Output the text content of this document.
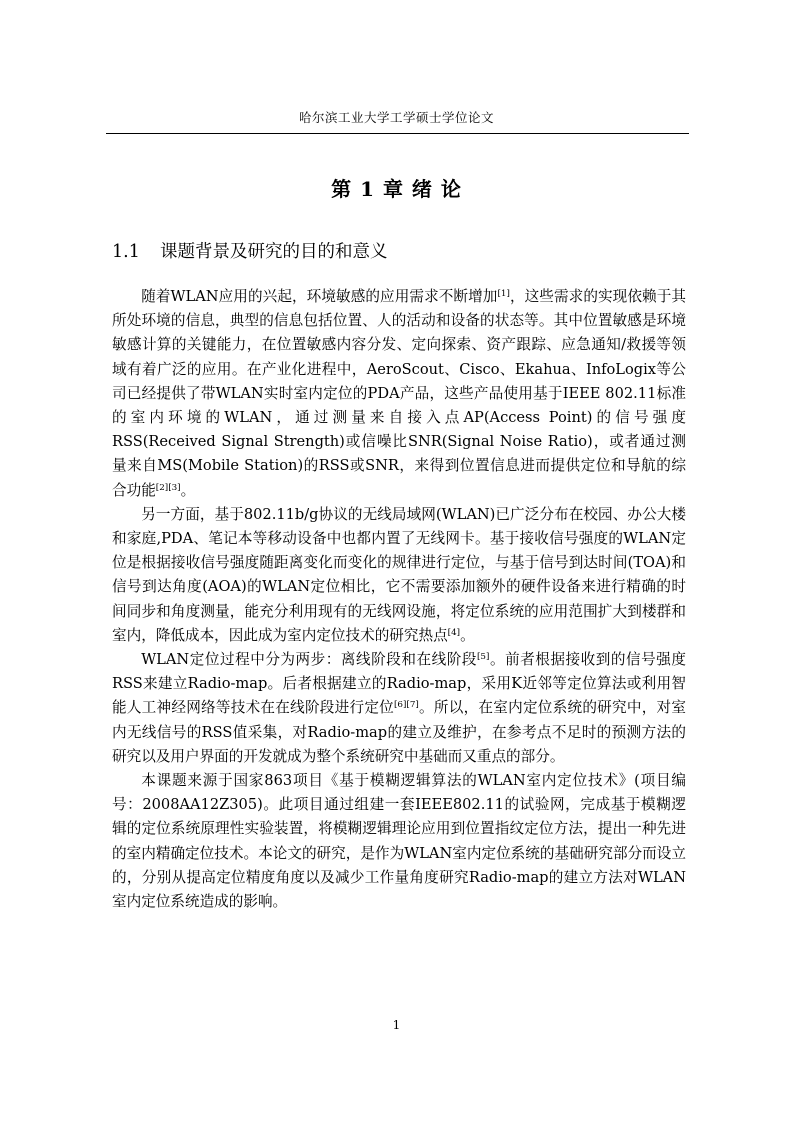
哈尔滨工业大学工学硕士学位论文
第 1 章 绪 论
1.1 课题背景及研究的目的和意义

随着WLAN应用的兴起，环境敏感的应用需求不断增加[1]，这些需求的实现依赖于其所处环境的信息，典型的信息包括位置、人的活动和设备的状态等。其中位置敏感是环境敏感计算的关键能力，在位置敏感内容分发、定向探索、资产跟踪、应急通知/救援等领域有着广泛的应用。在产业化进程中，AeroScout、Cisco、Ekahua、InfoLogix等公司已经提供了带WLAN实时室内定位的PDA产品，这些产品使用基于IEEE 802.11标准的室内环境的WLAN，通过测量来自接入点AP(Access Point)的信号强度RSS(Received Signal Strength)或信噪比SNR(Signal Noise Ratio)，或者通过测量来自MS(Mobile Station)的RSS或SNR，来得到位置信息进而提供定位和导航的综合功能[2][3]。

另一方面，基于802.11b/g协议的无线局域网(WLAN)已广泛分布在校园、办公大楼和家庭,PDA、笔记本等移动设备中也都内置了无线网卡。基于接收信号强度的WLAN定位是根据接收信号强度随距离变化而变化的规律进行定位，与基于信号到达时间(TOA)和信号到达角度(AOA)的WLAN定位相比，它不需要添加额外的硬件设备来进行精确的时间同步和角度测量，能充分利用现有的无线网设施，将定位系统的应用范围扩大到楼群和室内，降低成本，因此成为室内定位技术的研究热点[4]。

WLAN定位过程中分为两步：离线阶段和在线阶段[5]。前者根据接收到的信号强度RSS来建立Radio-map。后者根据建立的Radio-map，采用K近邻等定位算法或利用智能人工神经网络等技术在在线阶段进行定位[6][7]。所以，在室内定位系统的研究中，对室内无线信号的RSS值采集，对Radio-map的建立及维护，在参考点不足时的预测方法的研究以及用户界面的开发就成为整个系统研究中基础而又重点的部分。

本课题来源于国家863项目《基于模糊逻辑算法的WLAN室内定位技术》(项目编号：2008AA12Z305)。此项目通过组建一套IEEE802.11的试验网，完成基于模糊逻辑的定位系统原理性实验装置，将模糊逻辑理论应用到位置指纹定位方法，提出一种先进的室内精确定位技术。本论文的研究，是作为WLAN室内定位系统的基础研究部分而设立的，分别从提高定位精度角度以及减少工作量角度研究Radio-map的建立方法对WLAN室内定位系统造成的影响。

1
